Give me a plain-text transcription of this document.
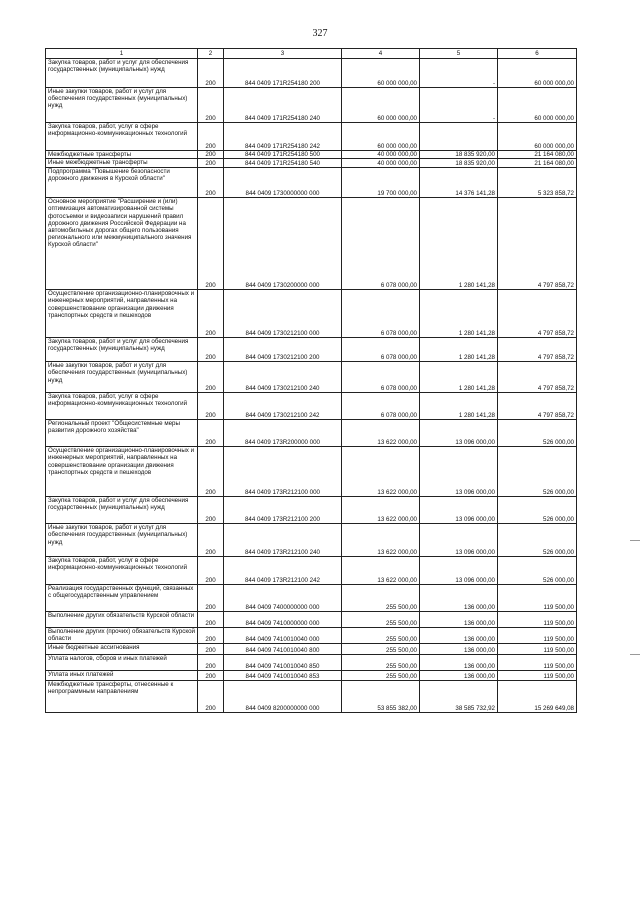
327
1	2	3	4	5	6
Закупка товаров, работ и услуг для обеспечения государственных (муниципальных) нужд	200	844 0409 171R254180 200	60 000 000,00	-	60 000 000,00
Иные закупки товаров, работ и услуг для обеспечения государственных (муниципальных) нужд	200	844 0409 171R254180 240	60 000 000,00	-	60 000 000,00
Закупка товаров, работ, услуг в сфере информационно-коммуникационных технологий	200	844 0409 171R254180 242	60 000 000,00		60 000 000,00
Межбюджетные трансферты	200	844 0409 171R254180 500	40 000 000,00	18 835 920,00	21 164 080,00
Иные межбюджетные трансферты	200	844 0409 171R254180 540	40 000 000,00	18 835 920,00	21 164 080,00
Подпрограмма "Повышение безопасности дорожного движения в Курской области"	200	844 0409 1730000000 000	19 700 000,00	14 376 141,28	5 323 858,72
Основное мероприятие "Расширение и (или) оптимизация автоматизированной системы фотосъемки и видеозаписи нарушений правил дорожного движения Российской Федерации на автомобильных дорогах общего пользования регионального или межмуниципального значения Курской области"	200	844 0409 1730200000 000	6 078 000,00	1 280 141,28	4 797 858,72
Осуществление организационно-планировочных и инженерных мероприятий, направленных на совершенствование организации движения транспортных средств и пешеходов	200	844 0409 1730212100 000	6 078 000,00	1 280 141,28	4 797 858,72
Закупка товаров, работ и услуг для обеспечения государственных (муниципальных) нужд	200	844 0409 1730212100 200	6 078 000,00	1 280 141,28	4 797 858,72
Иные закупки товаров, работ и услуг для обеспечения государственных (муниципальных) нужд	200	844 0409 1730212100 240	6 078 000,00	1 280 141,28	4 797 858,72
Закупка товаров, работ, услуг в сфере информационно-коммуникационных технологий	200	844 0409 1730212100 242	6 078 000,00	1 280 141,28	4 797 858,72
Региональный проект "Общесистемные меры развития дорожного хозяйства"	200	844 0409 173R200000 000	13 622 000,00	13 096 000,00	526 000,00
Осуществление организационно-планировочных и инженерных мероприятий, направленных на совершенствование организации движения транспортных средств и пешеходов	200	844 0409 173R212100 000	13 622 000,00	13 096 000,00	526 000,00
Закупка товаров, работ и услуг для обеспечения государственных (муниципальных) нужд	200	844 0409 173R212100 200	13 622 000,00	13 096 000,00	526 000,00
Иные закупки товаров, работ и услуг для обеспечения государственных (муниципальных) нужд	200	844 0409 173R212100 240	13 622 000,00	13 096 000,00	526 000,00
Закупка товаров, работ, услуг в сфере информационно-коммуникационных технологий	200	844 0409 173R212100 242	13 622 000,00	13 096 000,00	526 000,00
Реализация государственных функций, связанных с общегосударственным управлением	200	844 0409 7400000000 000	255 500,00	136 000,00	119 500,00
Выполнение других обязательств Курской области	200	844 0409 7410000000 000	255 500,00	136 000,00	119 500,00
Выполнение других (прочих) обязательств Курской области	200	844 0409 7410010040 000	255 500,00	136 000,00	119 500,00
Иные бюджетные ассигнования	200	844 0409 7410010040 800	255 500,00	136 000,00	119 500,00
Уплата налогов, сборов и иных платежей	200	844 0409 7410010040 850	255 500,00	136 000,00	119 500,00
Уплата иных платежей	200	844 0409 7410010040 853	255 500,00	136 000,00	119 500,00
Межбюджетные трансферты, отнесенные к непрограммным направлениям	200	844 0409 8200000000 000	53 855 382,00	38 585 732,92	15 269 649,08
